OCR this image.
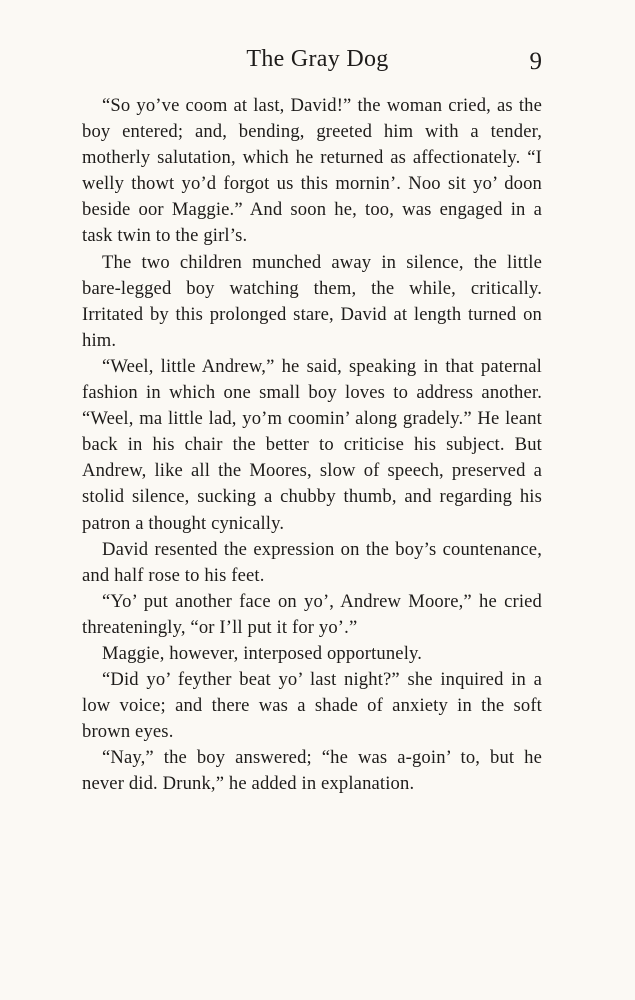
The Gray Dog	9

“So yo’ve coom at last, David!” the woman cried, as the boy entered; and, bending, greeted him with a tender, motherly salutation, which he returned as affectionately. “I welly thowt yo’d forgot us this mornin’. Noo sit yo’ doon beside oor Maggie.” And soon he, too, was engaged in a task twin to the girl’s.

The two children munched away in silence, the little bare-legged boy watching them, the while, critically. Irritated by this prolonged stare, David at length turned on him.

“Weel, little Andrew,” he said, speaking in that paternal fashion in which one small boy loves to address another. “Weel, ma little lad, yo’m coomin’ along gradely.” He leant back in his chair the better to criticise his subject. But Andrew, like all the Moores, slow of speech, preserved a stolid silence, sucking a chubby thumb, and regarding his patron a thought cynically.

David resented the expression on the boy’s countenance, and half rose to his feet.

“Yo’ put another face on yo’, Andrew Moore,” he cried threateningly, “or I’ll put it for yo’.”

Maggie, however, interposed opportunely.

“Did yo’ feyther beat yo’ last night?” she inquired in a low voice; and there was a shade of anxiety in the soft brown eyes.

“Nay,” the boy answered; “he was a-goin’ to, but he never did. Drunk,” he added in explanation.
